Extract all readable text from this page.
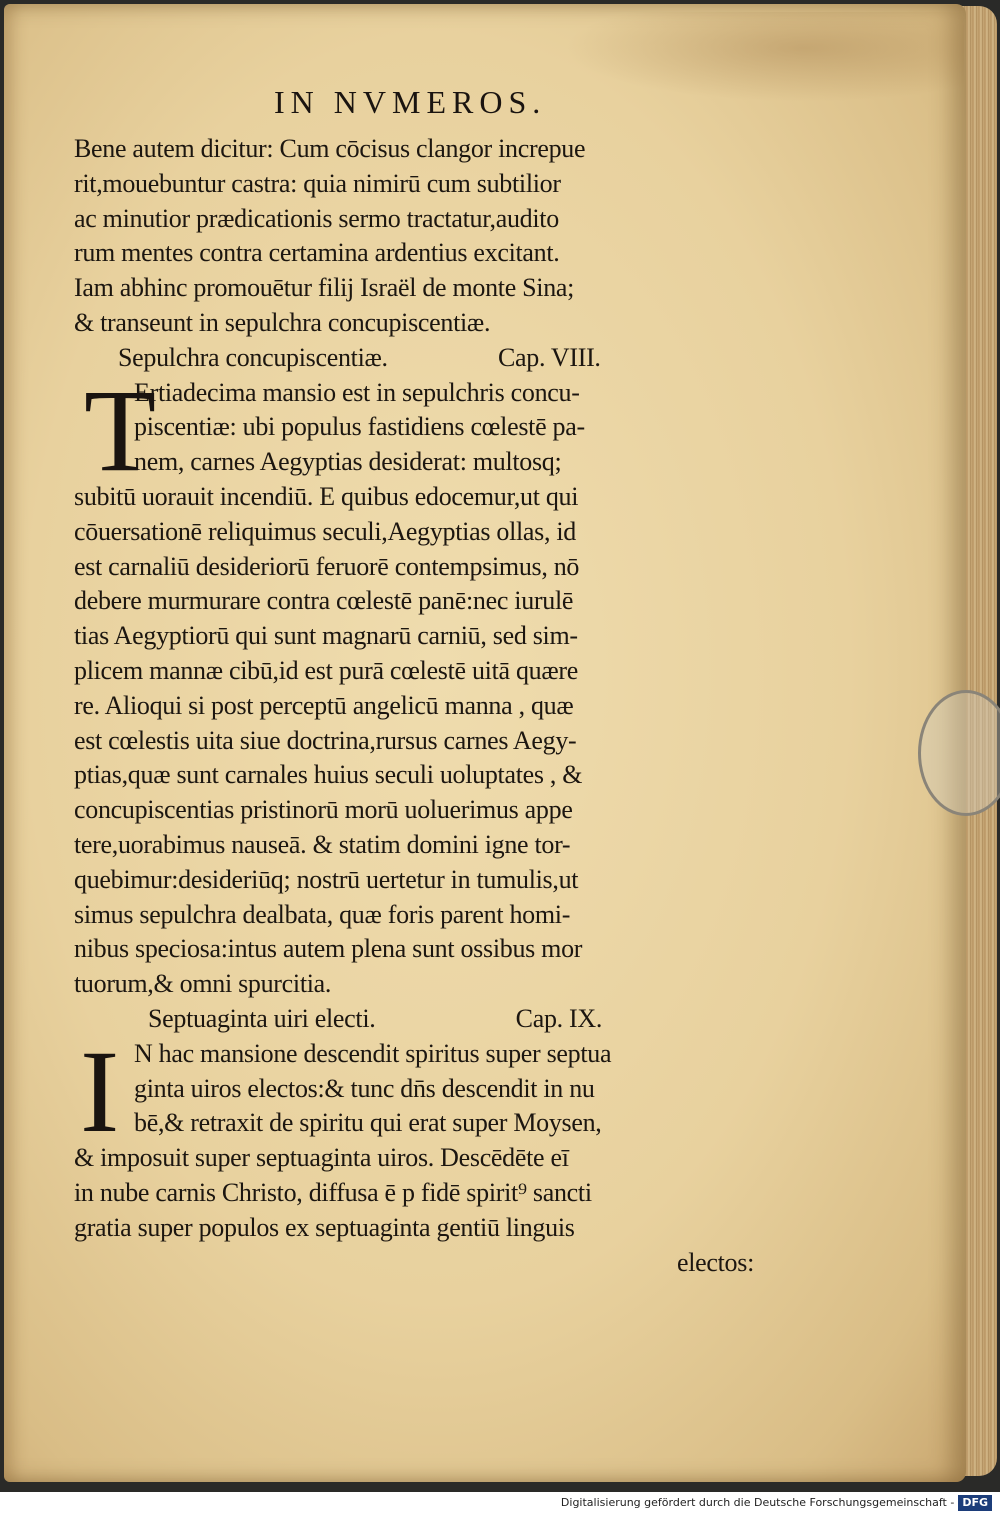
IN NVMEROS.
Bene autem dicitur: Cum cōcisus clangor increpue
rit,mouebuntur castra: quia nimirū cum subtilior
ac minutior prædicationis sermo tractatur,audito
rum mentes contra certamina ardentius excitant.
Iam abhinc promouētur filij Israël de monte Sina;
& transeunt in sepulchra concupiscentiæ.
Sepulchra concupiscentiæ.	Cap. VIII.
T
Ertiadecima mansio est in sepulchris concu-
piscentiæ: ubi populus fastidiens cœlestē pa-
nem, carnes Aegyptias desiderat: multosq;
subitū uorauit incendiū. E quibus edocemur,ut qui
cōuersationē reliquimus seculi,Aegyptias ollas, id
est carnaliū desideriorū feruorē contempsimus, nō
debere murmurare contra cœlestē panē:nec iurulē
tias Aegyptiorū qui sunt magnarū carniū, sed sim-
plicem mannæ cibū,id est purā cœlestē uitā quære
re. Alioqui si post perceptū angelicū manna , quæ
est cœlestis uita siue doctrina,rursus carnes Aegy-
ptias,quæ sunt carnales huius seculi uoluptates , &
concupiscentias pristinorū morū uoluerimus appe
tere,uorabimus nauseā. & statim domini igne tor-
quebimur:desideriūq; nostrū uertetur in tumulis,ut
simus sepulchra dealbata, quæ foris parent homi-
nibus speciosa:intus autem plena sunt ossibus mor
tuorum,& omni spurcitia.
Septuaginta uiri electi.	Cap. IX.
I N hac mansione descendit spiritus super septua
ginta uiros electos:& tunc dn̄s descendit in nu
bē,& retraxit de spiritu qui erat super Moysen,
& imposuit super septuaginta uiros. Descēdēte eī
in nube carnis Christo, diffusa ē p fidē spirit⁹ sancti
gratia super populos ex septuaginta gentiū linguis
electos:
Digitalisierung gefördert durch die Deutsche Forschungsgemeinschaft - DFG
